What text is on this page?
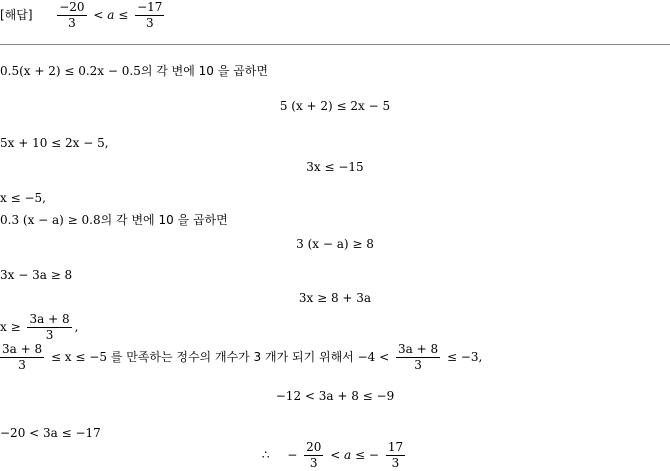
[해답] $\frac{-20}{3} < a \le \frac{-17}{3}$
0.5(x + 2) ≤ 0.2x − 0.5의 각 변에 10 을 곱하면
5 (x + 2) ≤ 2x − 5
5x + 10 ≤ 2x − 5,
3x ≤ −15
x ≤ −5,
0.3 (x − a) ≥ 0.8의 각 변에 10 을 곱하면
3 (x − a) ≥ 8
3x − 3a ≥ 8
3x ≥ 8 + 3a
$x \ge \frac{3a + 8}{3}$ ,
$\frac{3a + 8}{3} \le x \le -5$ 를 만족하는 정수의 개수가 3 개가 되기 위해서 $-4 < \frac{3a + 8}{3} \le -3$,
−12 < 3a + 8 ≤ −9
−20 < 3a ≤ −17
∴ − $\frac{20}{3} < a$ ≤ − $\frac{17}{3}$
